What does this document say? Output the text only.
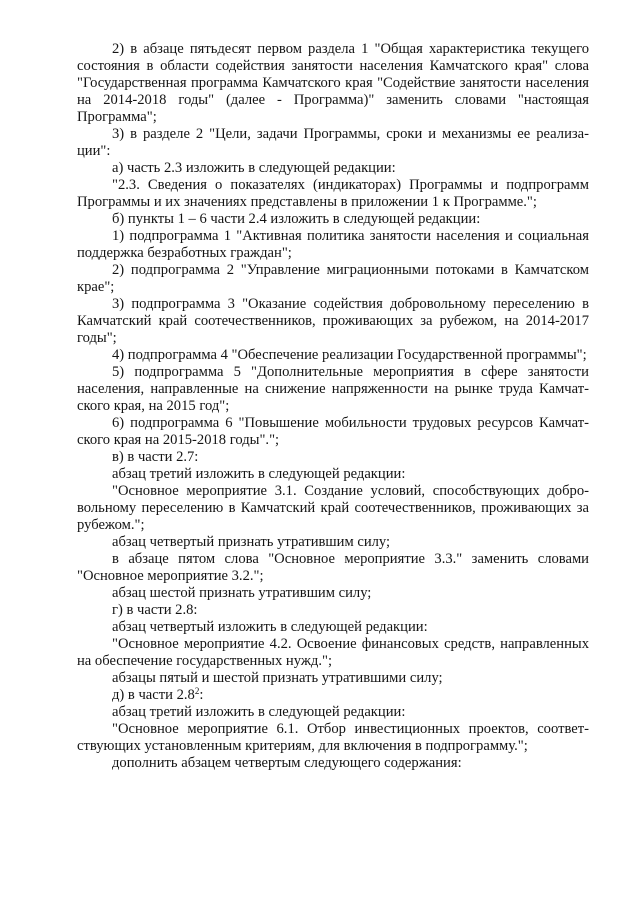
2) в абзаце пятьдесят первом раздела 1 "Общая характеристика текущего состояния в области содействия занятости населения Камчатского края" слова "Государственная программа Камчатского края "Содействие занятости населения на 2014-2018 годы" (далее - Программа)" заменить словами "настоящая Программа";

3) в разделе 2 "Цели, задачи Программы, сроки и механизмы ее реализации":

а) часть 2.3 изложить в следующей редакции:

"2.3. Сведения о показателях (индикаторах) Программы и подпрограмм Программы и их значениях представлены в приложении 1 к Программе.";

б) пункты 1 – 6 части 2.4 изложить в следующей редакции:

1) подпрограмма 1 "Активная политика занятости населения и социальная поддержка безработных граждан";

2) подпрограмма 2 "Управление миграционными потоками в Камчатском крае";

3) подпрограмма 3 "Оказание содействия добровольному переселению в Камчатский край соотечественников, проживающих за рубежом, на 2014-2017 годы";

4) подпрограмма 4 "Обеспечение реализации Государственной программы";

5) подпрограмма 5 "Дополнительные мероприятия в сфере занятости населения, направленные на снижение напряженности на рынке труда Камчатского края, на 2015 год";

6) подпрограмма 6 "Повышение мобильности трудовых ресурсов Камчатского края на 2015-2018 годы".";

в) в части 2.7:

абзац третий изложить в следующей редакции:

"Основное мероприятие 3.1. Создание условий, способствующих добровольному переселению в Камчатский край соотечественников, проживающих за рубежом.";

абзац четвертый признать утратившим силу;

в абзаце пятом слова "Основное мероприятие 3.3." заменить словами "Основное мероприятие 3.2.";

абзац шестой признать утратившим силу;

г) в части 2.8:

абзац четвертый изложить в следующей редакции:

"Основное мероприятие 4.2. Освоение финансовых средств, направленных на обеспечение государственных нужд.";

абзацы пятый и шестой признать утратившими силу;

д) в части $2.8^2$:

абзац третий изложить в следующей редакции:

"Основное мероприятие 6.1. Отбор инвестиционных проектов, соответствующих установленным критериям, для включения в подпрограмму.";

дополнить абзацем четвертым следующего содержания:
